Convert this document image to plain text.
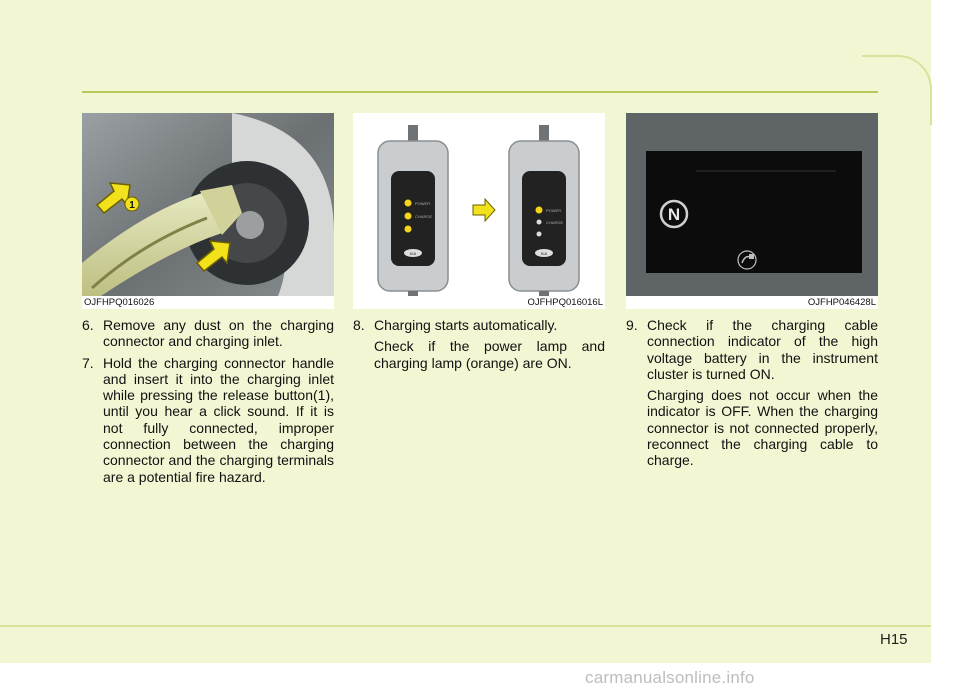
H15
1
OJFHPQ016026
POWER
CHARGE
KIA
POWER
CHARGE
KIA
OJFHPQ016016L
N
OJFHP046428L
6. Remove any dust on the charging connector and charging inlet.
7. Hold the charging connector handle and insert it into the charging inlet while pressing the release button(1), until you hear a click sound. If it is not fully connected, improper connection between the charging connector and the charging terminals are a potential fire hazard.
8. Charging starts automatically.
Check if the power lamp and charging lamp (orange) are ON.
9. Check if the charging cable connection indicator of the high voltage battery in the instrument cluster is turned ON.
Charging does not occur when the indicator is OFF. When the charging connector is not connected properly, reconnect the charging cable to charge.
carmanualsonline.info
